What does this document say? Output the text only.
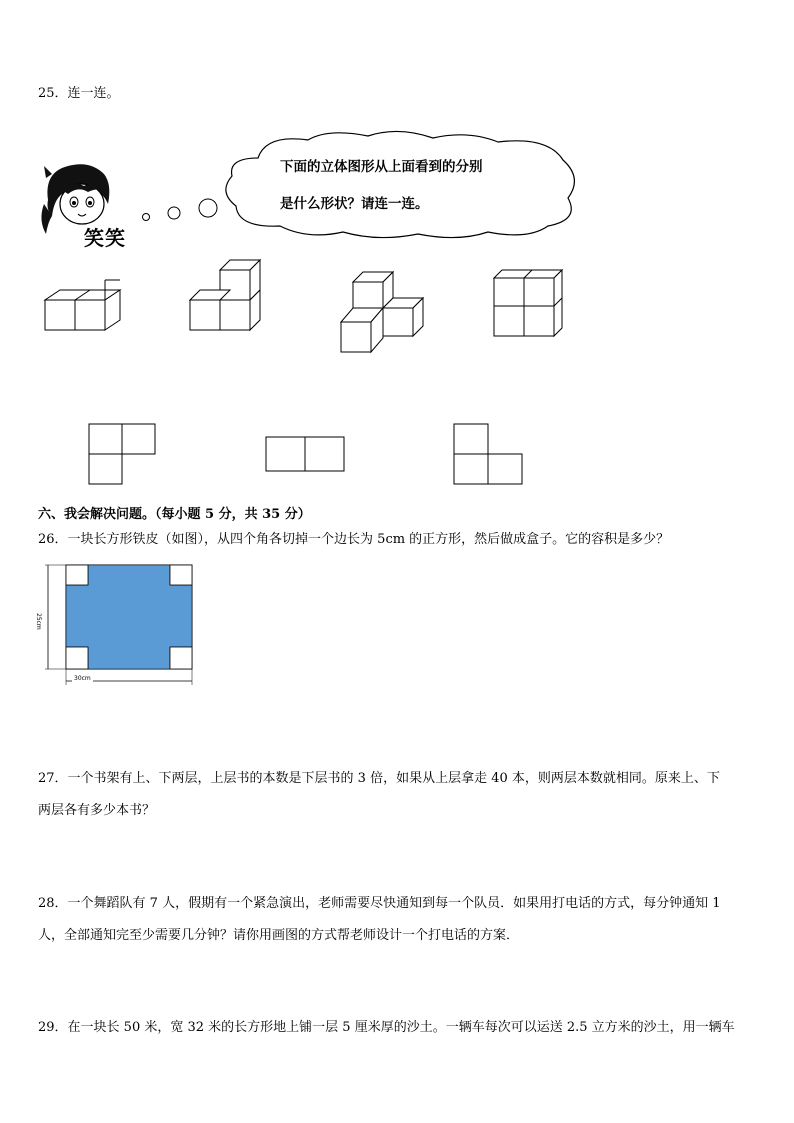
25．连一连。
笑笑
下面的立体图形从上面看到的分别
是什么形状？请连一连。
六、我会解决问题。（每小题 5 分，共 35 分）
26．一块长方形铁皮（如图），从四个角各切掉一个边长为 5cm 的正方形，然后做成盒子。它的容积是多少？
30cm
25cm
27．一个书架有上、下两层，上层书的本数是下层书的 3 倍，如果从上层拿走 40 本，则两层本数就相同。原来上、下
两层各有多少本书？
28．一个舞蹈队有 7 人，假期有一个紧急演出，老师需要尽快通知到每一个队员．如果用打电话的方式，每分钟通知 1
人，全部通知完至少需要几分钟？请你用画图的方式帮老师设计一个打电话的方案．
29．在一块长 50 米，宽 32 米的长方形地上铺一层 5 厘米厚的沙土。一辆车每次可以运送 2.5 立方米的沙土，用一辆车
